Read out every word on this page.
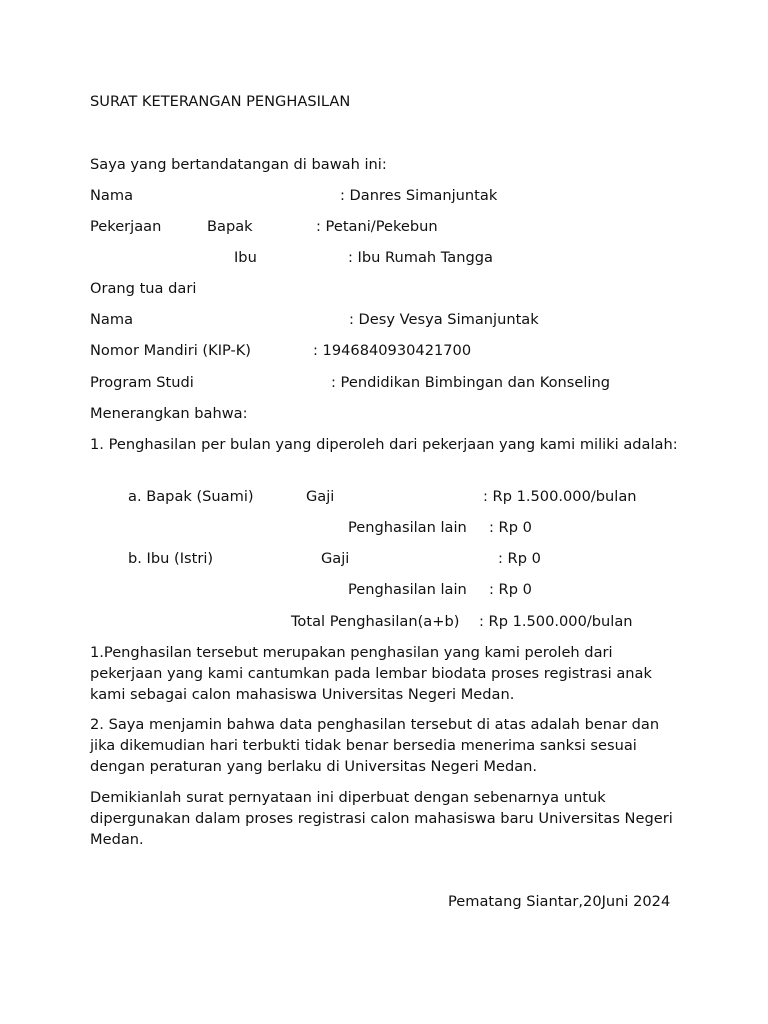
SURAT KETERANGAN PENGHASILAN
Saya yang bertandatangan di bawah ini:
Nama	: Danres Simanjuntak
Pekerjaan	Bapak	: Petani/Pekebun
Ibu	: Ibu Rumah Tangga
Orang tua dari
Nama	: Desy Vesya Simanjuntak
Nomor Mandiri (KIP-K)	: 1946840930421700
Program Studi	: Pendidikan Bimbingan dan Konseling
Menerangkan bahwa:
1. Penghasilan per bulan yang diperoleh dari pekerjaan yang kami miliki adalah:
a. Bapak (Suami)	Gaji	: Rp 1.500.000/bulan
Penghasilan lain : Rp 0
b. Ibu (Istri)	Gaji	: Rp 0
Penghasilan lain : Rp 0
Total Penghasilan(a+b) : Rp 1.500.000/bulan
1.Penghasilan tersebut merupakan penghasilan yang kami peroleh dari pekerjaan yang kami cantumkan pada lembar biodata proses registrasi anak kami sebagai calon mahasiswa Universitas Negeri Medan.
2. Saya menjamin bahwa data penghasilan tersebut di atas adalah benar dan jika dikemudian hari terbukti tidak benar bersedia menerima sanksi sesuai dengan peraturan yang berlaku di Universitas Negeri Medan.
Demikianlah surat pernyataan ini diperbuat dengan sebenarnya untuk dipergunakan dalam proses registrasi calon mahasiswa baru Universitas Negeri Medan.
Pematang Siantar,20Juni 2024
